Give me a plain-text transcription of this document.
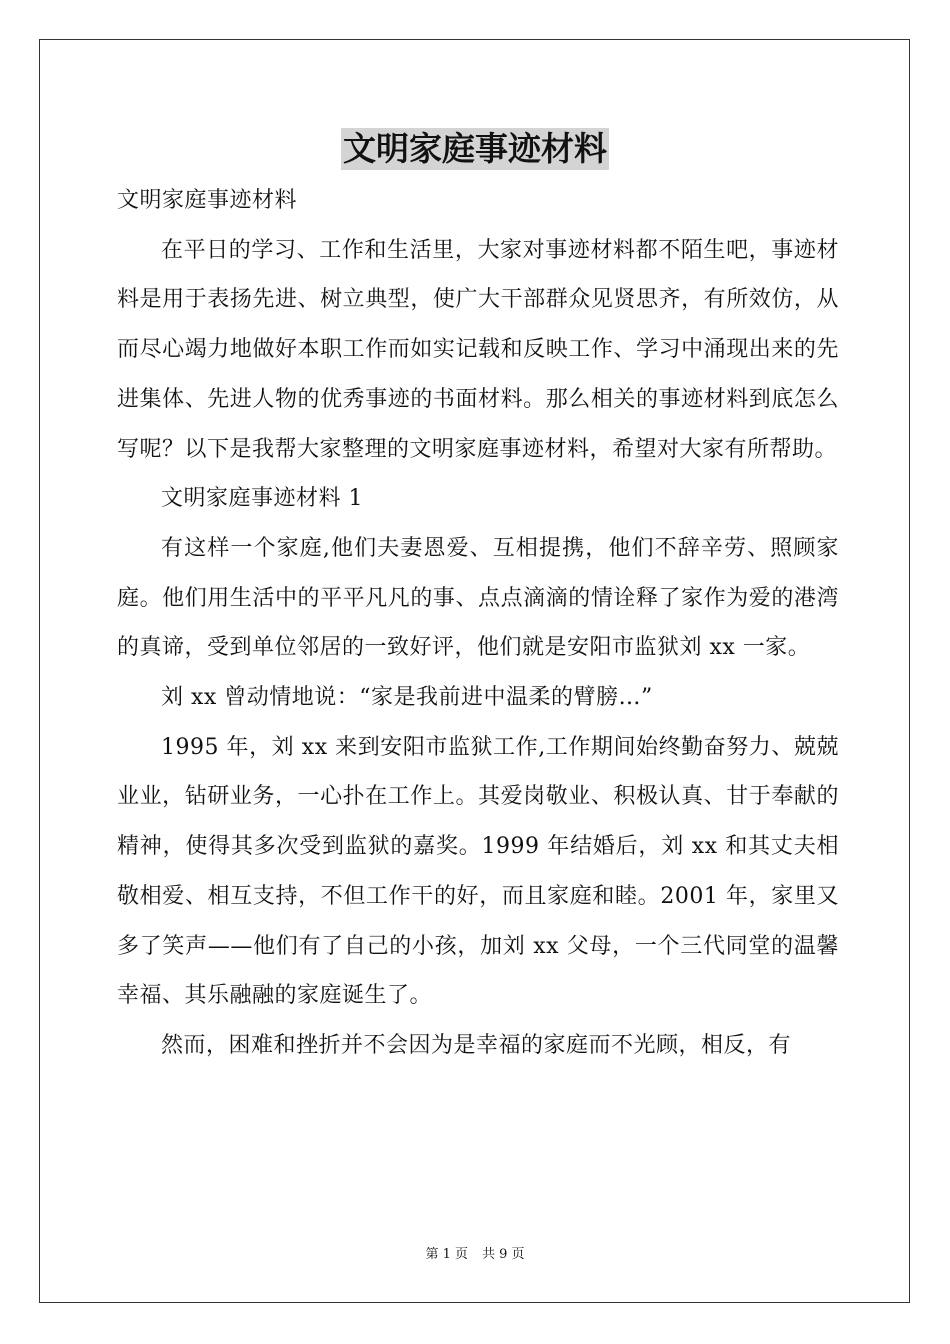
文明家庭事迹材料

文明家庭事迹材料

在平日的学习、工作和生活里，大家对事迹材料都不陌生吧，事迹材料是用于表扬先进、树立典型，使广大干部群众见贤思齐，有所效仿，从而尽心竭力地做好本职工作而如实记载和反映工作、学习中涌现出来的先进集体、先进人物的优秀事迹的书面材料。那么相关的事迹材料到底怎么写呢？以下是我帮大家整理的文明家庭事迹材料，希望对大家有所帮助。

文明家庭事迹材料 1

有这样一个家庭,他们夫妻恩爱、互相提携，他们不辞辛劳、照顾家庭。他们用生活中的平平凡凡的事、点点滴滴的情诠释了家作为爱的港湾的真谛，受到单位邻居的一致好评，他们就是安阳市监狱刘 xx 一家。

刘 xx 曾动情地说：“家是我前进中温柔的臂膀…”

1995 年，刘 xx 来到安阳市监狱工作,工作期间始终勤奋努力、兢兢业业，钻研业务，一心扑在工作上。其爱岗敬业、积极认真、甘于奉献的精神，使得其多次受到监狱的嘉奖。1999 年结婚后，刘 xx 和其丈夫相敬相爱、相互支持，不但工作干的好，而且家庭和睦。2001 年，家里又多了笑声——他们有了自己的小孩，加刘 xx 父母，一个三代同堂的温馨幸福、其乐融融的家庭诞生了。

然而，困难和挫折并不会因为是幸福的家庭而不光顾，相反，有

第 1 页 共 9 页
